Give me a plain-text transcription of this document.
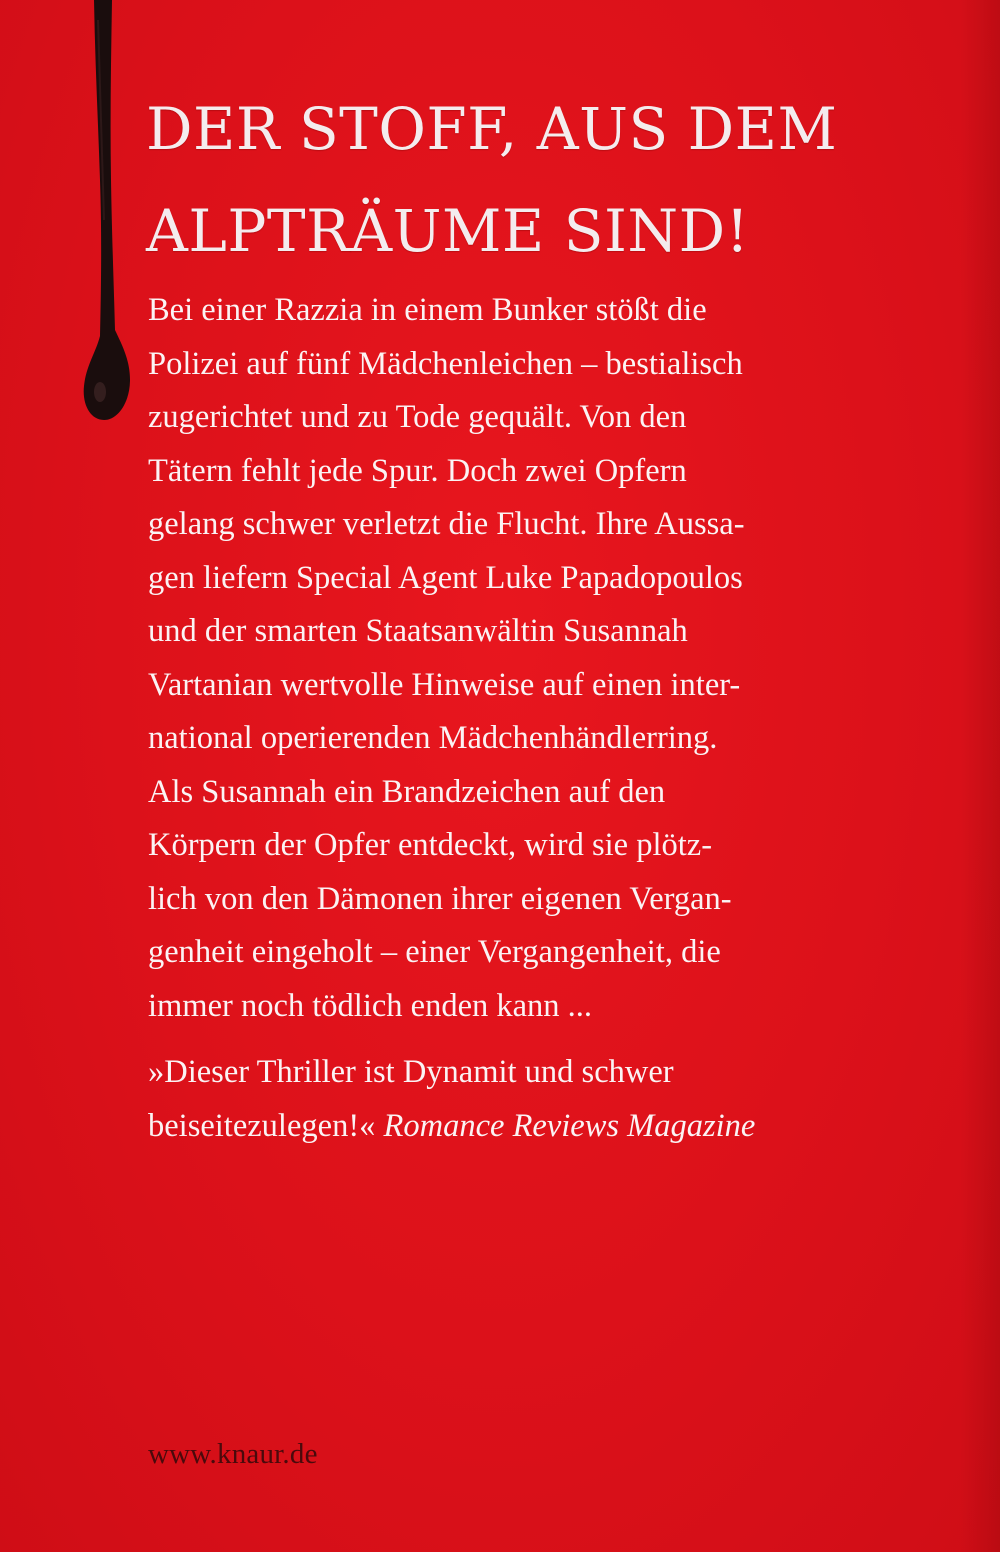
DER STOFF, AUS DEM
ALPTRÄUME SIND!
Bei einer Razzia in einem Bunker stößt die
Polizei auf fünf Mädchenleichen – bestialisch
zugerichtet und zu Tode gequält. Von den
Tätern fehlt jede Spur. Doch zwei Opfern
gelang schwer verletzt die Flucht. Ihre Aussa-
gen liefern Special Agent Luke Papadopoulos
und der smarten Staatsanwältin Susannah
Vartanian wertvolle Hinweise auf einen inter-
national operierenden Mädchenhändlerring.
Als Susannah ein Brandzeichen auf den
Körpern der Opfer entdeckt, wird sie plötz-
lich von den Dämonen ihrer eigenen Vergan-
genheit eingeholt – einer Vergangenheit, die
immer noch tödlich enden kann ...
»Dieser Thriller ist Dynamit und schwer
beiseitezulegen!« Romance Reviews Magazine
www.knaur.de
